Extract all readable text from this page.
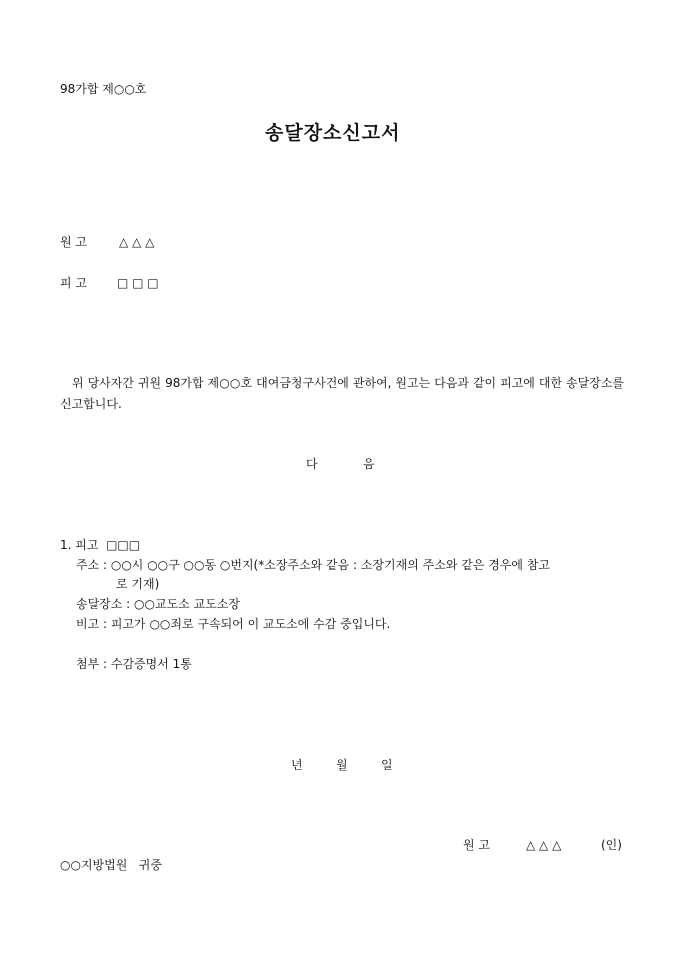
98가합 제○○호
송달장소신고서
원 고	△ △ △
피 고	□ □ □
위 당사자간 귀원 98가합 제○○호 대여금청구사건에 관하여, 원고는 다음과 같이 피고에 대한 송달장소를 신고합니다.
다	음
1. 피고  □□□
주소 : ○○시 ○○구 ○○동 ○번지(*소장주소와 같음 : 소장기재의 주소와 같은 경우에 참고
로 기재)
송달장소 : ○○교도소 교도소장
비고 : 피고가 ○○죄로 구속되어 이 교도소에 수감 중입니다.
첨부 : 수감증명서 1통
년	월	일
원 고	△ △ △	(인)
○○지방법원   귀중
